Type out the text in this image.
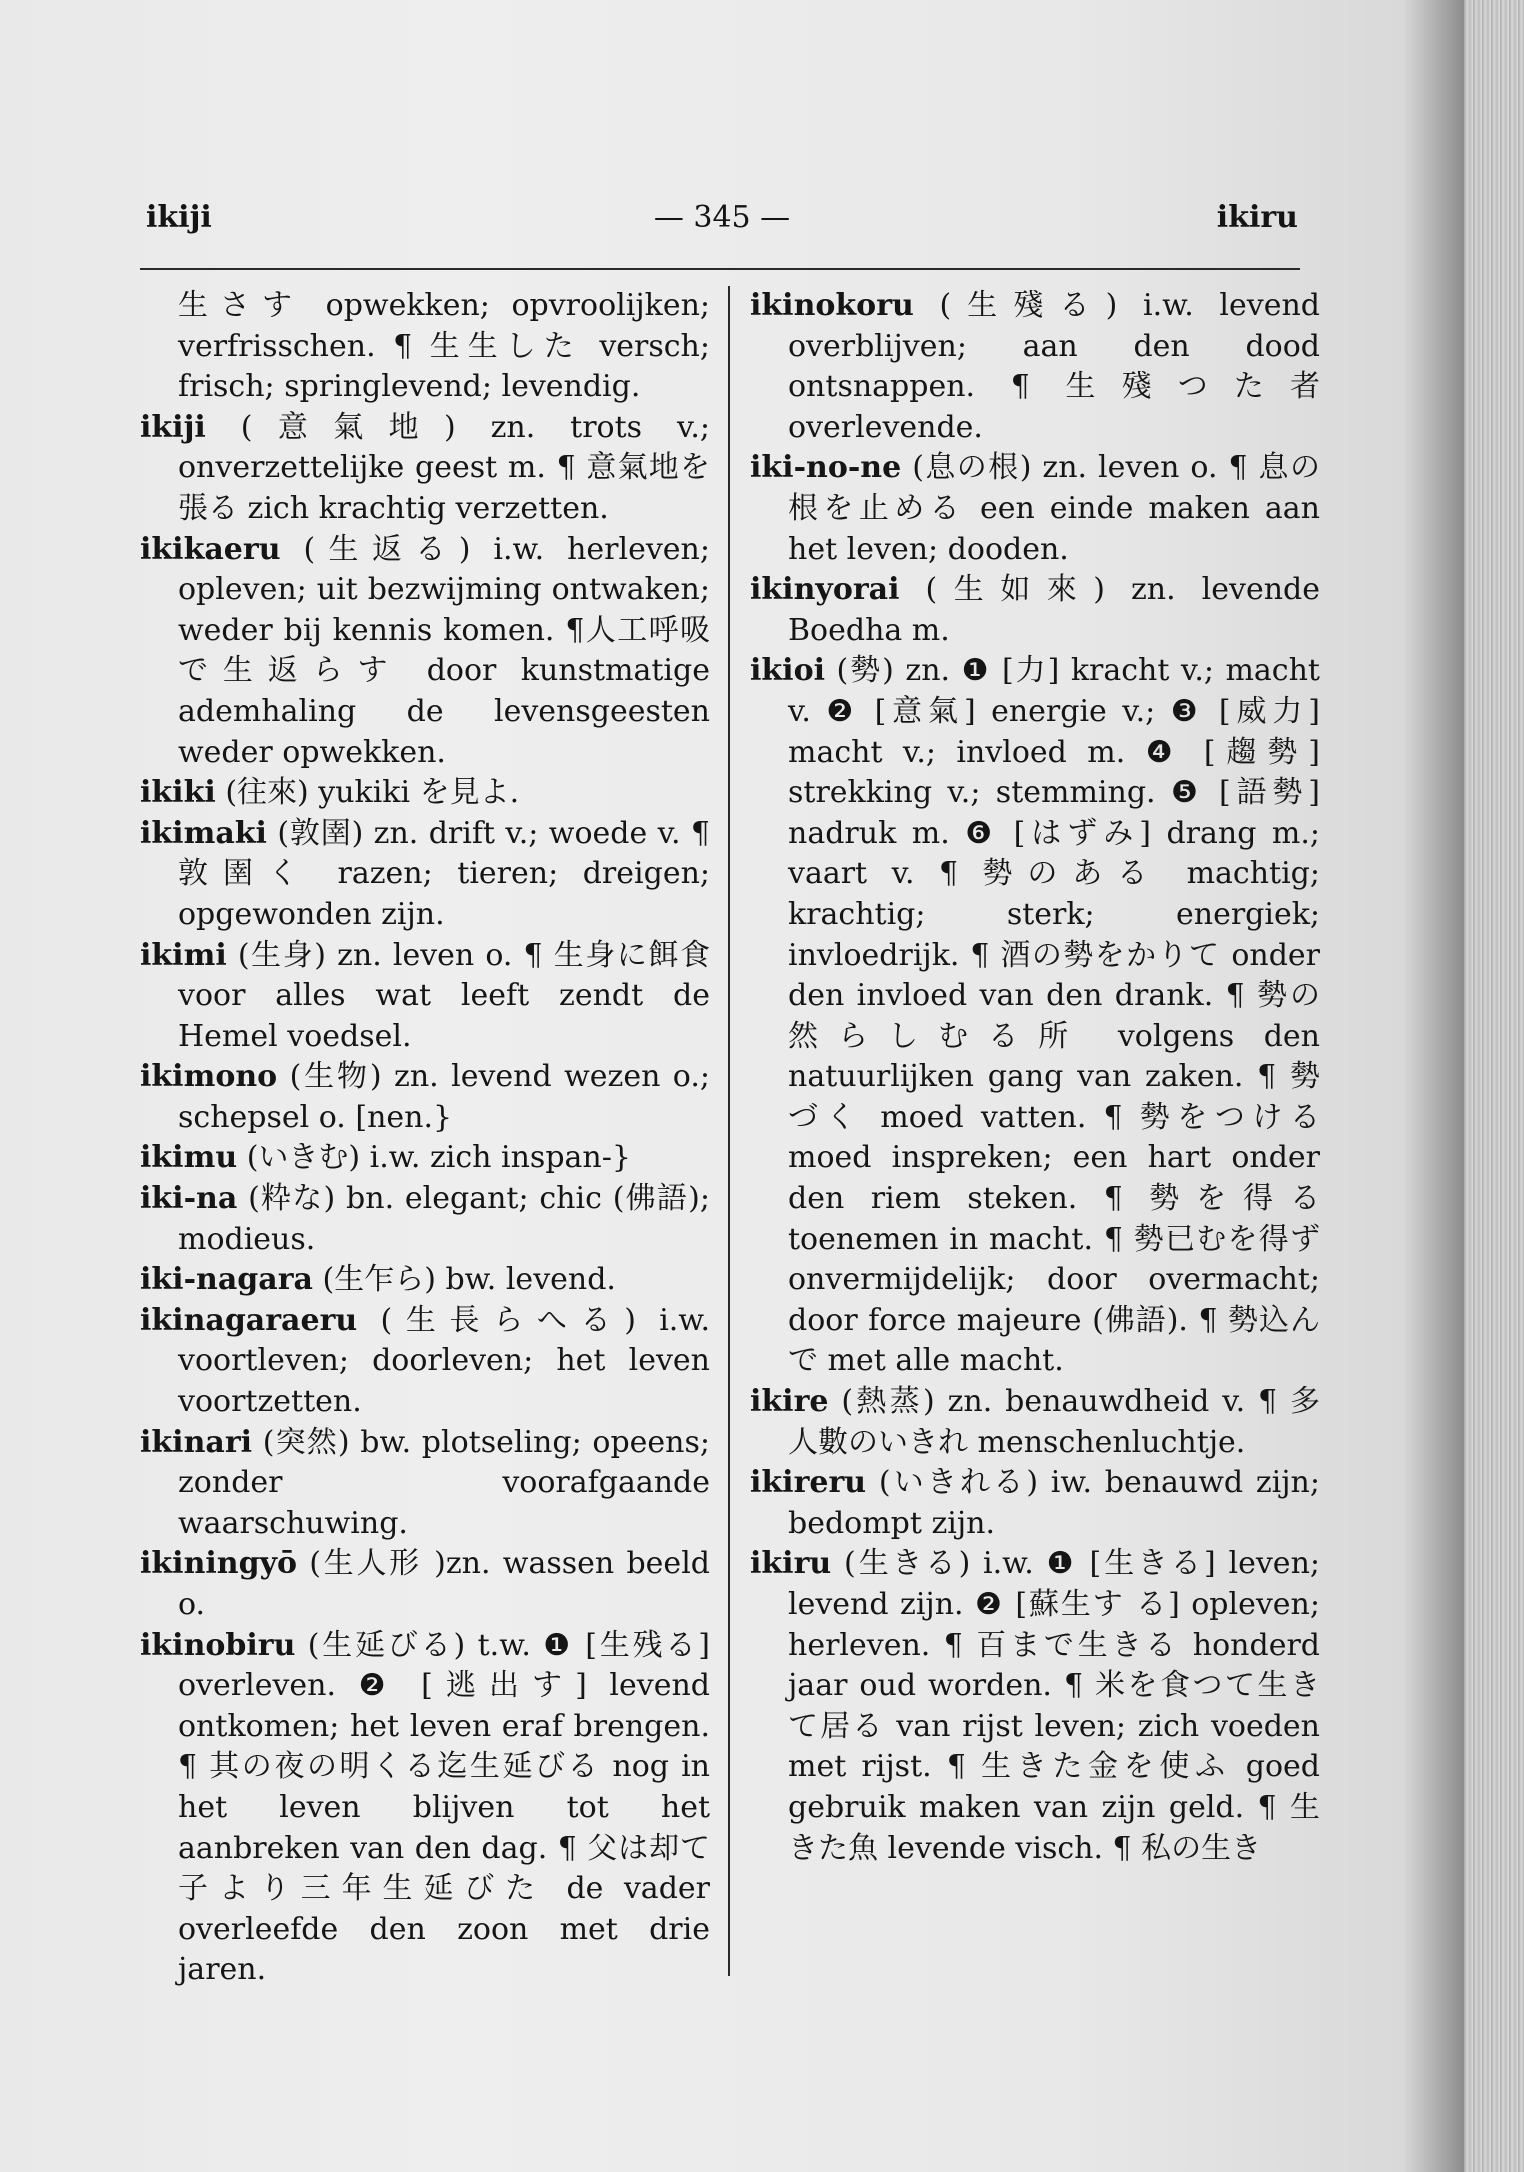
ikiji	— 345 —	ikiru

生さす opwekken; opvroolijken; verfrisschen. ¶ 生生した versch; frisch; springlevend; levendig.

ikiji (意氣地) zn. trots v.; onverzettelijke geest m. ¶ 意氣地を張る zich krachtig verzetten.

ikikaeru (生返る) i.w. herleven; opleven; uit bezwijming ontwaken; weder bij kennis komen. ¶人工呼吸で生返らす door kunstmatige ademhaling de levensgeesten weder opwekken.

ikiki (往來) yukiki を見よ.

ikimaki (敦圉) zn. drift v.; woede v. ¶ 敦圉く razen; tieren; dreigen; opgewonden zijn.

ikimi (生身) zn. leven o. ¶ 生身に餌食 voor alles wat leeft zendt de Hemel voedsel.

ikimono (生物) zn. levend wezen o.; schepsel o. [nen.}

ikimu (いきむ) i.w. zich inspan-}

iki-na (粋な) bn. elegant; chic (佛語); modieus.

iki-nagara (生乍ら) bw. levend.

ikinagaraeru (生長らへる) i.w. voortleven; doorleven; het leven voortzetten.

ikinari (突然) bw. plotseling; opeens; zonder voorafgaande waarschuwing.

ikiningyō (生人形 )zn. wassen beeld o.

ikinobiru (生延びる) t.w. ❶ [生残る] overleven. ❷ [逃出す] levend ontkomen; het leven eraf brengen. ¶ 其の夜の明くる迄生延びる nog in het leven blijven tot het aanbreken van den dag. ¶ 父は却て子より三年生延びた de vader overleefde den zoon met drie jaren.

ikinokoru (生殘る) i.w. levend overblijven; aan den dood ontsnappen. ¶ 生殘つた者 overlevende.

iki-no-ne (息の根) zn. leven o. ¶ 息の根を止める een einde maken aan het leven; dooden.

ikinyorai (生如來) zn. levende Boedha m.

ikioi (勢) zn. ❶ [力] kracht v.; macht v. ❷ [意氣] energie v.; ❸ [威力] macht v.; invloed m. ❹ [趨勢] strekking v.; stemming. ❺ [語勢] nadruk m. ❻ [はずみ] drang m.; vaart v. ¶ 勢のある machtig; krachtig; sterk; energiek; invloedrijk. ¶ 酒の勢をかりて onder den invloed van den drank. ¶ 勢の然らしむる所 volgens den natuurlijken gang van zaken. ¶ 勢づく moed vatten. ¶ 勢をつける moed inspreken; een hart onder den riem steken. ¶ 勢を得る toenemen in macht. ¶ 勢已むを得ず onvermijdelijk; door overmacht; door force majeure (佛語). ¶ 勢込んで met alle macht.

ikire (熱蒸) zn. benauwdheid v. ¶ 多人數のいきれ menschenluchtje.

ikireru (いきれる) iw. benauwd zijn; bedompt zijn.

ikiru (生きる) i.w. ❶ [生きる] leven; levend zijn. ❷ [蘇生す る] opleven; herleven. ¶ 百まで生きる honderd jaar oud worden. ¶ 米を食つて生きて居る van rijst leven; zich voeden met rijst. ¶ 生きた金を使ふ goed gebruik maken van zijn geld. ¶ 生きた魚 levende visch. ¶ 私の生き
